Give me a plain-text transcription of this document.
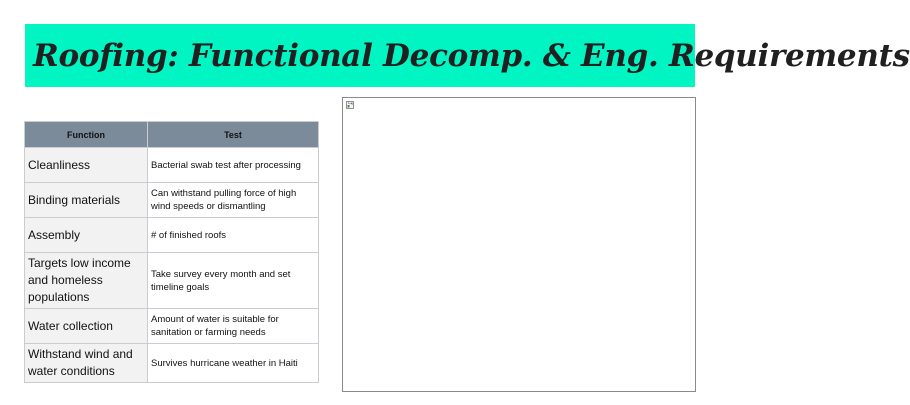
Roofing: Functional Decomp. & Eng. Requirements
Function	Test
Cleanliness	Bacterial swab test after processing
Binding materials	Can withstand pulling force of high wind speeds or dismantling
Assembly	# of finished roofs
Targets low income and homeless populations	Take survey every month and set timeline goals
Water collection	Amount of water is suitable for sanitation or farming needs
Withstand wind and water conditions	Survives hurricane weather in Haiti
